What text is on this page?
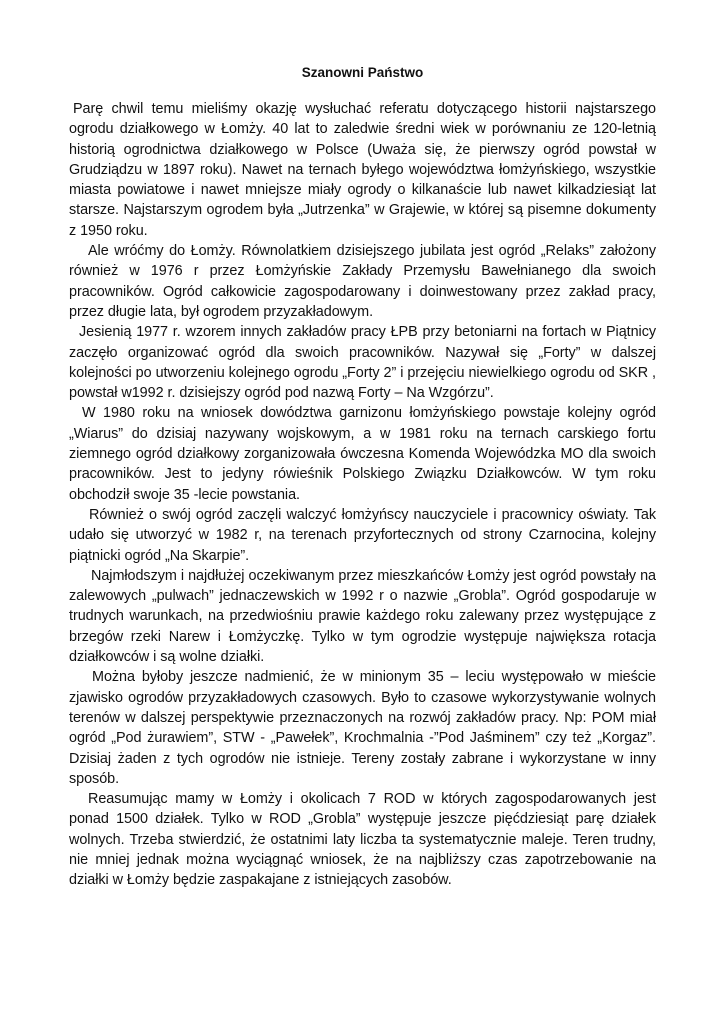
Szanowni Państwo

Parę chwil temu mieliśmy okazję wysłuchać referatu dotyczącego historii najstarszego ogrodu działkowego w Łomży. 40 lat to zaledwie średni wiek w porównaniu ze 120-letnią historią ogrodnictwa działkowego w Polsce (Uważa się, że pierwszy ogród powstał w Grudziądzu w 1897 roku). Nawet na ternach byłego województwa łomżyńskiego, wszystkie miasta powiatowe i nawet mniejsze miały ogrody o kilkanaście lub nawet kilkadziesiąt lat starsze. Najstarszym ogrodem była „Jutrzenka” w Grajewie, w której są pisemne dokumenty z 1950 roku.

Ale wróćmy do Łomży. Równolatkiem dzisiejszego jubilata jest ogród „Relaks” założony również w 1976 r przez Łomżyńskie Zakłady Przemysłu Bawełnianego dla swoich pracowników. Ogród całkowicie zagospodarowany i doinwestowany przez zakład pracy, przez długie lata, był ogrodem przyzakładowym.

Jesienią 1977 r. wzorem innych zakładów pracy ŁPB przy betoniarni na fortach w Piątnicy zaczęło organizować ogród dla swoich pracowników. Nazywał się „Forty” w dalszej kolejności po utworzeniu kolejnego ogrodu „Forty 2” i przejęciu niewielkiego ogrodu od SKR , powstał w1992 r. dzisiejszy ogród pod nazwą Forty – Na Wzgórzu”.

W 1980 roku na wniosek dowództwa garnizonu łomżyńskiego powstaje kolejny ogród „Wiarus” do dzisiaj nazywany wojskowym, a w 1981 roku na ternach carskiego fortu ziemnego ogród działkowy zorganizowała ówczesna Komenda Wojewódzka MO dla swoich pracowników. Jest to jedyny rówieśnik Polskiego Związku Działkowców. W tym roku obchodził swoje 35 -lecie powstania.

Również o swój ogród zaczęli walczyć łomżyńscy nauczyciele i pracownicy oświaty. Tak udało się utworzyć w 1982 r, na terenach przyfortecznych od strony Czarnocina, kolejny piątnicki ogród „Na Skarpie”.

Najmłodszym i najdłużej oczekiwanym przez mieszkańców Łomży jest ogród powstały na zalewowych „pulwach” jednaczewskich w 1992 r o nazwie „Grobla”. Ogród gospodaruje w trudnych warunkach, na przedwiośniu prawie każdego roku zalewany przez występujące z brzegów rzeki Narew i Łomżyczkę. Tylko w tym ogrodzie występuje największa rotacja działkowców i są wolne działki.

Można byłoby jeszcze nadmienić, że w minionym 35 – leciu występowało w mieście zjawisko ogrodów przyzakładowych czasowych. Było to czasowe wykorzystywanie wolnych terenów w dalszej perspektywie przeznaczonych na rozwój zakładów pracy. Np: POM miał ogród „Pod żurawiem”, STW - „Pawełek”, Krochmalnia -”Pod Jaśminem” czy też „Korgaz”. Dzisiaj żaden z tych ogrodów nie istnieje. Tereny zostały zabrane i wykorzystane w inny sposób.

Reasumując mamy w Łomży i okolicach 7 ROD w których zagospodarowanych jest ponad 1500 działek. Tylko w ROD „Grobla” występuje jeszcze pięćdziesiąt parę działek wolnych. Trzeba stwierdzić, że ostatnimi laty liczba ta systematycznie maleje. Teren trudny, nie mniej jednak można wyciągnąć wniosek, że na najbliższy czas zapotrzebowanie na działki w Łomży będzie zaspakajane z istniejących zasobów.
